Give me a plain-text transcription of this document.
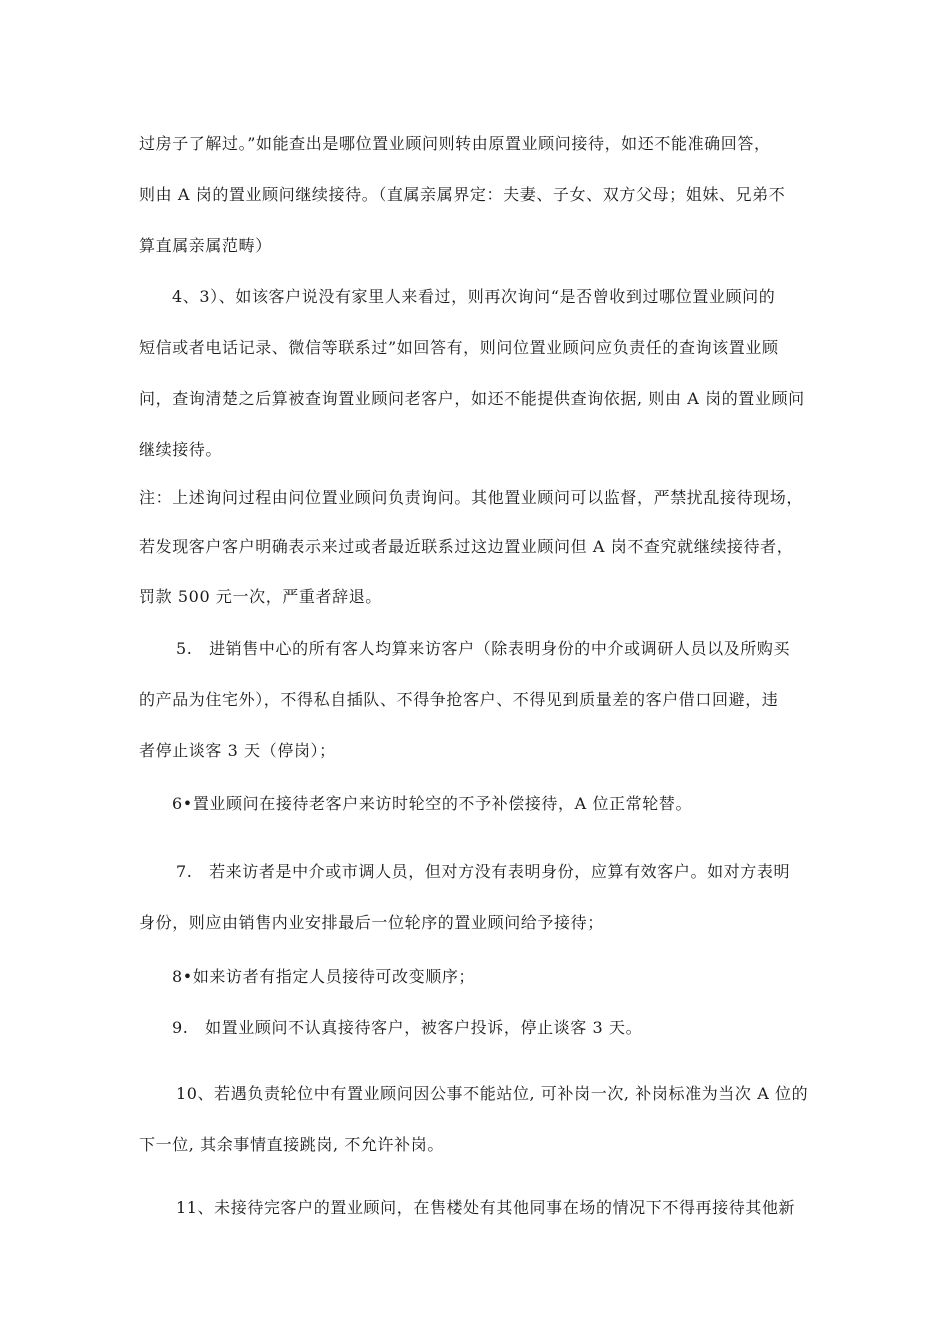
过房子了解过。”如能查出是哪位置业顾问则转由原置业顾问接待，如还不能准确回答，
则由 A 岗的置业顾问继续接待。（直属亲属界定：夫妻、子女、双方父母；姐妹、兄弟不
算直属亲属范畴）
4、3）、如该客户说没有家里人来看过，则再次询问“是否曾收到过哪位置业顾问的
短信或者电话记录、微信等联系过”如回答有，则问位置业顾问应负责任的查询该置业顾
问，查询清楚之后算被查询置业顾问老客户，如还不能提供查询依据, 则由 A 岗的置业顾问
继续接待。
注：上述询问过程由问位置业顾问负责询问。其他置业顾问可以监督，严禁扰乱接待现场，
若发现客户客户明确表示来过或者最近联系过这边置业顾问但 A 岗不查究就继续接待者，
罚款 500 元一次，严重者辞退。
5.　进销售中心的所有客人均算来访客户（除表明身份的中介或调研人员以及所购买
的产品为住宅外），不得私自插队、不得争抢客户、不得见到质量差的客户借口回避，违
者停止谈客 3 天（停岗）；
6•置业顾问在接待老客户来访时轮空的不予补偿接待，A 位正常轮替。
7.　若来访者是中介或市调人员，但对方没有表明身份，应算有效客户。如对方表明
身份，则应由销售内业安排最后一位轮序的置业顾问给予接待；
8•如来访者有指定人员接待可改变顺序；
9.　如置业顾问不认真接待客户，被客户投诉，停止谈客 3 天。
10、若遇负责轮位中有置业顾问因公事不能站位, 可补岗一次, 补岗标准为当次 A 位的
下一位, 其余事情直接跳岗, 不允许补岗。
11、未接待完客户的置业顾问，在售楼处有其他同事在场的情况下不得再接待其他新
